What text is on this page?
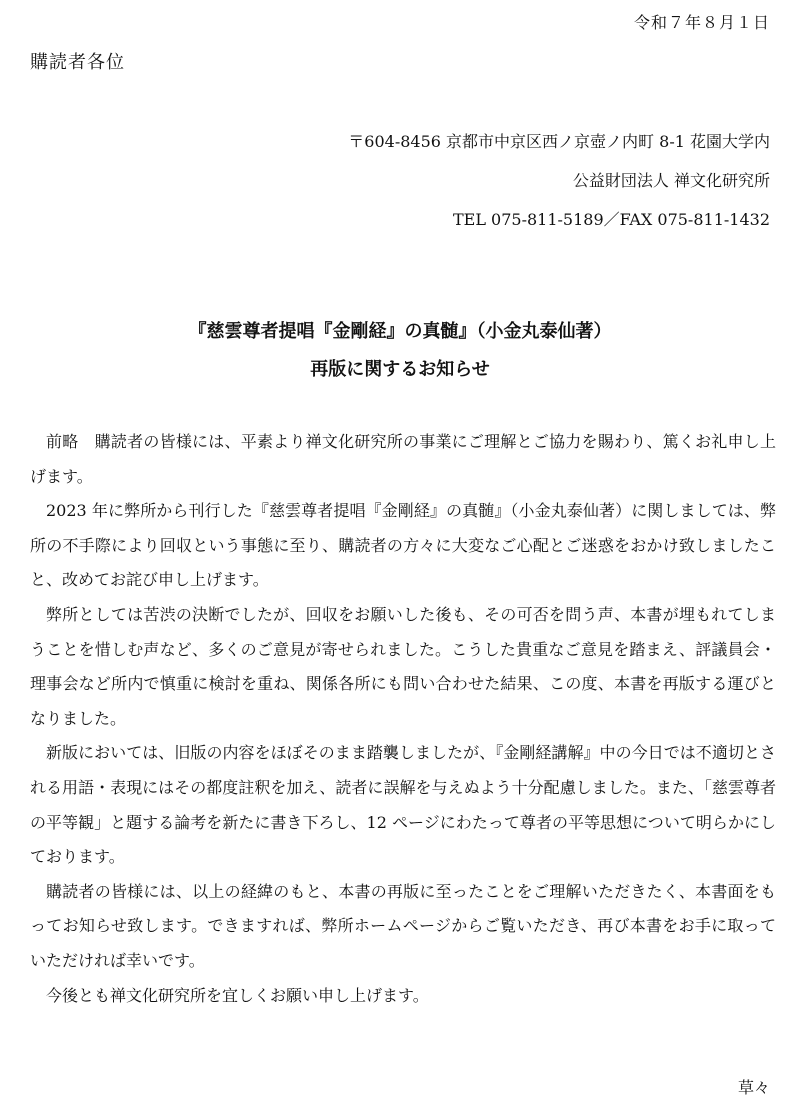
令和７年８月１日
購読者各位
〒604-8456 京都市中京区西ノ京壺ノ内町 8-1 花園大学内
公益財団法人 禅文化研究所
TEL 075-811-5189／FAX 075-811-1432
『慈雲尊者提唱『金剛経』の真髄』（小金丸泰仙著）
再版に関するお知らせ

前略　購読者の皆様には、平素より禅文化研究所の事業にご理解とご協力を賜わり、篤くお礼申し上げます。

2023 年に弊所から刊行した『慈雲尊者提唱『金剛経』の真髄』（小金丸泰仙著）に関しましては、弊所の不手際により回収という事態に至り、購読者の方々に大変なご心配とご迷惑をおかけ致しましたこと、改めてお詫び申し上げます。

弊所としては苦渋の決断でしたが、回収をお願いした後も、その可否を問う声、本書が埋もれてしまうことを惜しむ声など、多くのご意見が寄せられました。こうした貴重なご意見を踏まえ、評議員会・理事会など所内で慎重に検討を重ね、関係各所にも問い合わせた結果、この度、本書を再版する運びとなりました。

新版においては、旧版の内容をほぼそのまま踏襲しましたが、『金剛経講解』中の今日では不適切とされる用語・表現にはその都度註釈を加え、読者に誤解を与えぬよう十分配慮しました。また、「慈雲尊者の平等観」と題する論考を新たに書き下ろし、12 ページにわたって尊者の平等思想について明らかにしております。

購読者の皆様には、以上の経緯のもと、本書の再版に至ったことをご理解いただきたく、本書面をもってお知らせ致します。できますれば、弊所ホームページからご覧いただき、再び本書をお手に取っていただければ幸いです。

今後とも禅文化研究所を宜しくお願い申し上げます。

草々
